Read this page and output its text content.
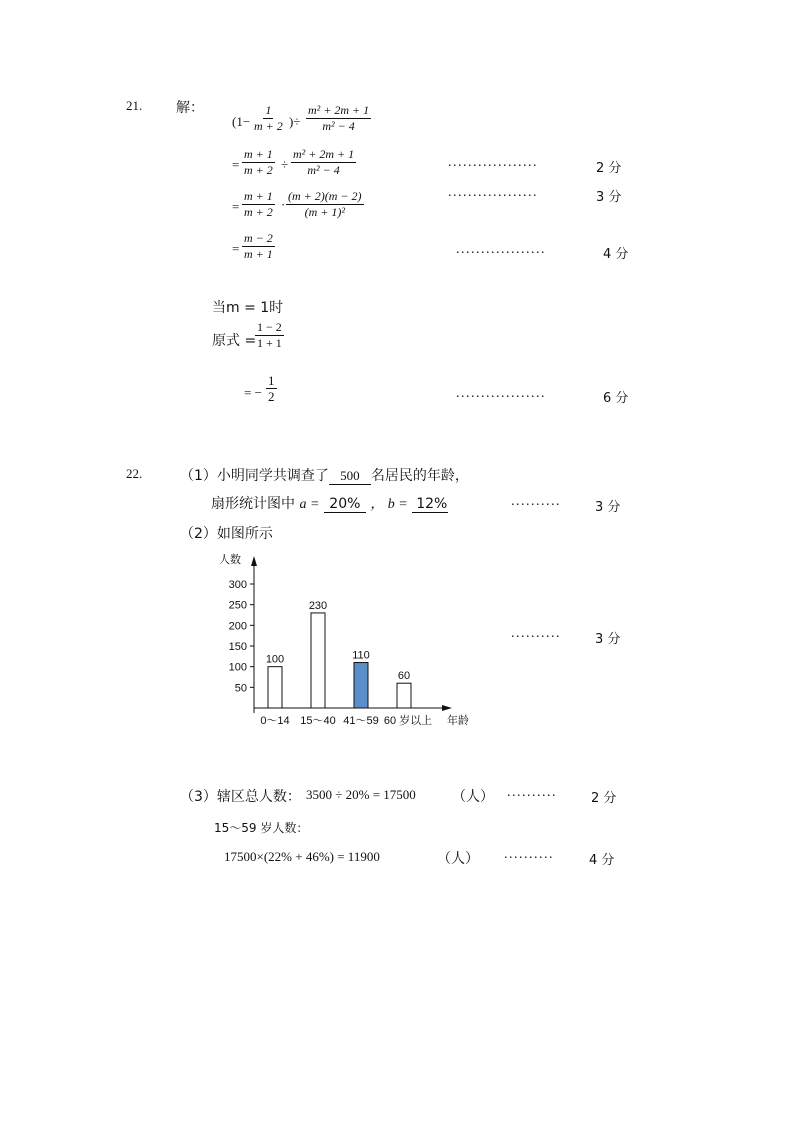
21. 解：
($1- \frac{1}{m + 2}$ )÷ $\frac{\text{m² + 2m + 1}}{\text{m² − 4}}$
= $\frac{m + 1}{m + 2} \div \frac{\text{m² + 2m + 1}}{\text{m² − 4}}$	..................	2 分
= $\frac{m + 1}{m + 2} \cdot \frac{(m + 2)(m - 2)}{\text{(m + 1)²}}$	..................	3 分
= $\frac{m - 2}{m + 1}$	..................	4 分
当m = 1时
原式 =
$\frac{1 - 2}{1 + 1}$
= − $\frac{1}{2}$	..................	6 分
22.	（1）小明同学共调查了 500 名居民的年龄，
扇形统计图中 a = 20% ， b = 12%	..........	3 分
（2）如图所示
人数
年龄
50
100
150
200
250
300
100
230
110
60
0～14 15～40 41～59 60 岁以上
..........	3 分
（3）辖区总人数： 3500 ÷ 20% = 17500	（人） ..........	2 分
15～59 岁人数：
17500×(22% + 46%) = 11900	（人） ..........	4 分
